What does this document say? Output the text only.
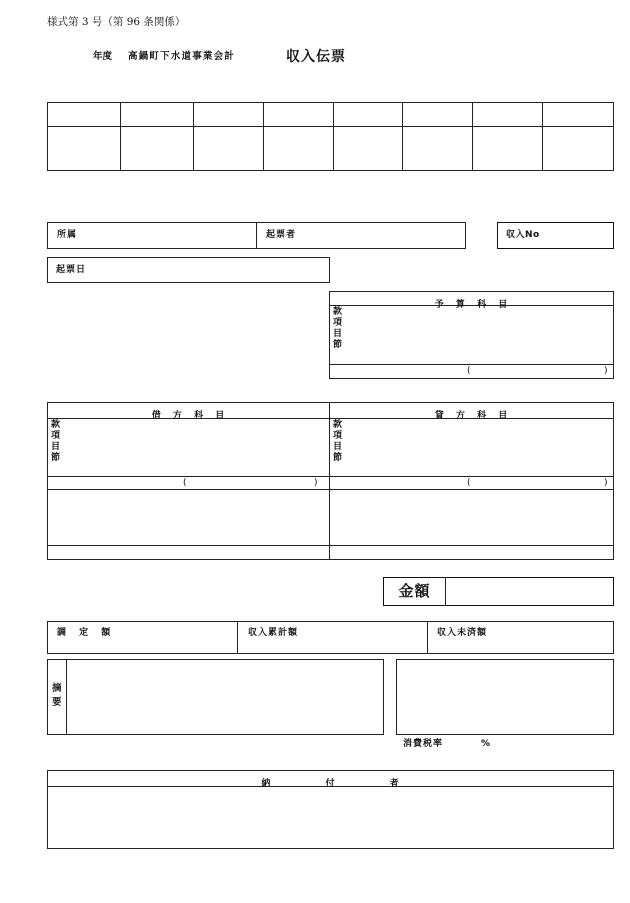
様式第 3 号（第 96 条関係）
年度 高鍋町下水道事業会計	収入伝票
所属	起票者	収入No
起票日
予 算 科 目
款項目節
(	)
借 方 科 目
款項目節
(	)
貸 方 科 目
款項目節
(	)
金額
調 定 額	収入累計額	収入未済額
摘要
消費税率	%
納 付 者
